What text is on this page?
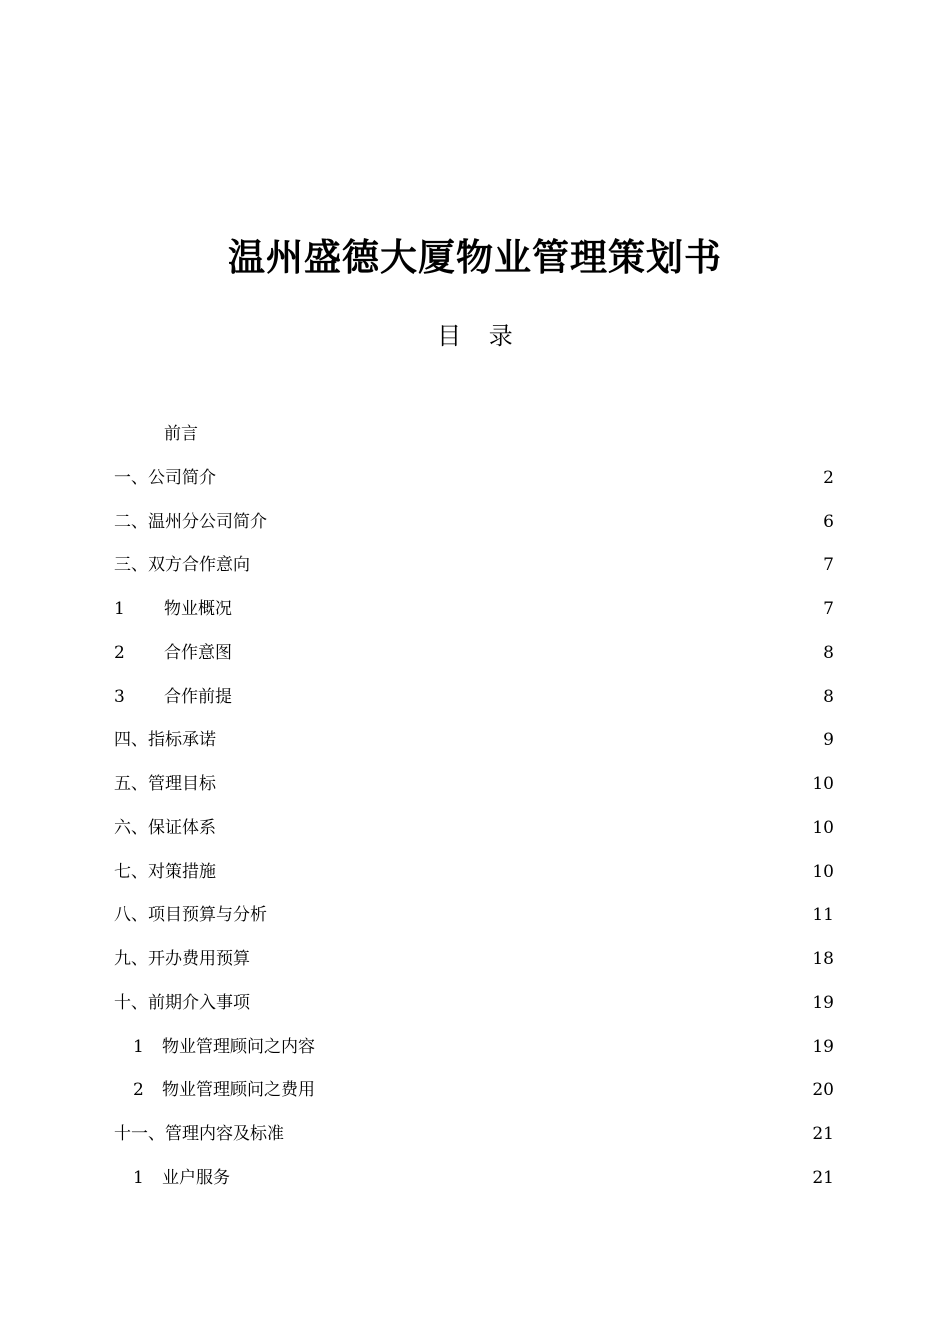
温州盛德大厦物业管理策划书
目 录
前言
一、公司简介	2
二、温州分公司简介	6
三、双方合作意向	7
1 物业概况	7
2 合作意图	8
3 合作前提	8
四、指标承诺	9
五、管理目标	10
六、保证体系	10
七、对策措施	10
八、项目预算与分析	11
九、开办费用预算	18
十、前期介入事项	19
1 物业管理顾问之内容	19
2 物业管理顾问之费用	20
十一、管理内容及标准	21
1 业户服务	21
